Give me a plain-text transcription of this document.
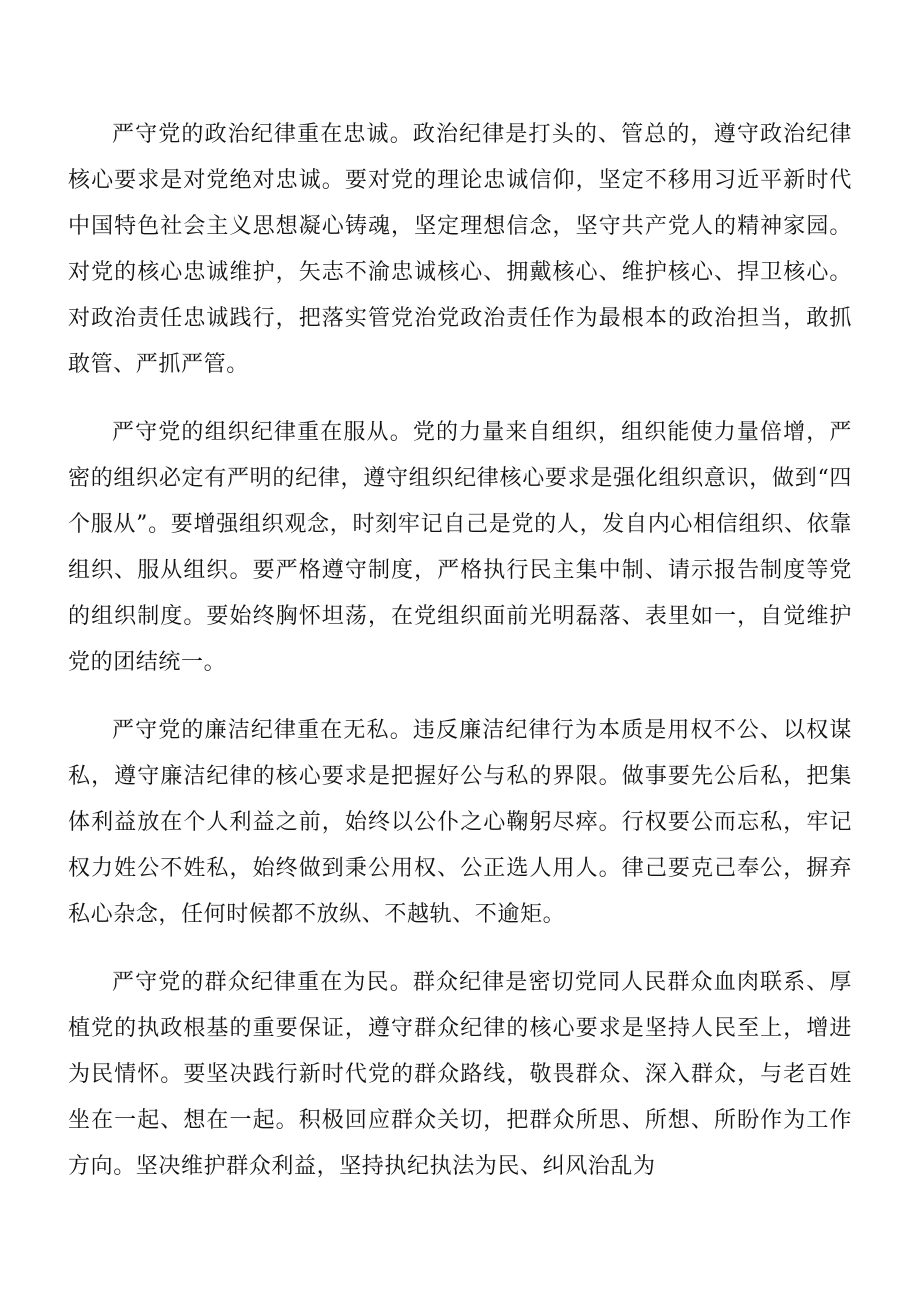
严守党的政治纪律重在忠诚。政治纪律是打头的、管总的，遵守政治纪律核心要求是对党绝对忠诚。要对党的理论忠诚信仰，坚定不移用习近平新时代中国特色社会主义思想凝心铸魂，坚定理想信念，坚守共产党人的精神家园。对党的核心忠诚维护，矢志不渝忠诚核心、拥戴核心、维护核心、捍卫核心。对政治责任忠诚践行，把落实管党治党政治责任作为最根本的政治担当，敢抓敢管、严抓严管。

严守党的组织纪律重在服从。党的力量来自组织，组织能使力量倍增，严密的组织必定有严明的纪律，遵守组织纪律核心要求是强化组织意识，做到“四个服从”。要增强组织观念，时刻牢记自己是党的人，发自内心相信组织、依靠组织、服从组织。要严格遵守制度，严格执行民主集中制、请示报告制度等党的组织制度。要始终胸怀坦荡，在党组织面前光明磊落、表里如一，自觉维护党的团结统一。

严守党的廉洁纪律重在无私。违反廉洁纪律行为本质是用权不公、以权谋私，遵守廉洁纪律的核心要求是把握好公与私的界限。做事要先公后私，把集体利益放在个人利益之前，始终以公仆之心鞠躬尽瘁。行权要公而忘私，牢记权力姓公不姓私，始终做到秉公用权、公正选人用人。律己要克己奉公，摒弃私心杂念，任何时候都不放纵、不越轨、不逾矩。

严守党的群众纪律重在为民。群众纪律是密切党同人民群众血肉联系、厚植党的执政根基的重要保证，遵守群众纪律的核心要求是坚持人民至上，增进为民情怀。要坚决践行新时代党的群众路线，敬畏群众、深入群众，与老百姓坐在一起、想在一起。积极回应群众关切，把群众所思、所想、所盼作为工作方向。坚决维护群众利益，坚持执纪执法为民、纠风治乱为
